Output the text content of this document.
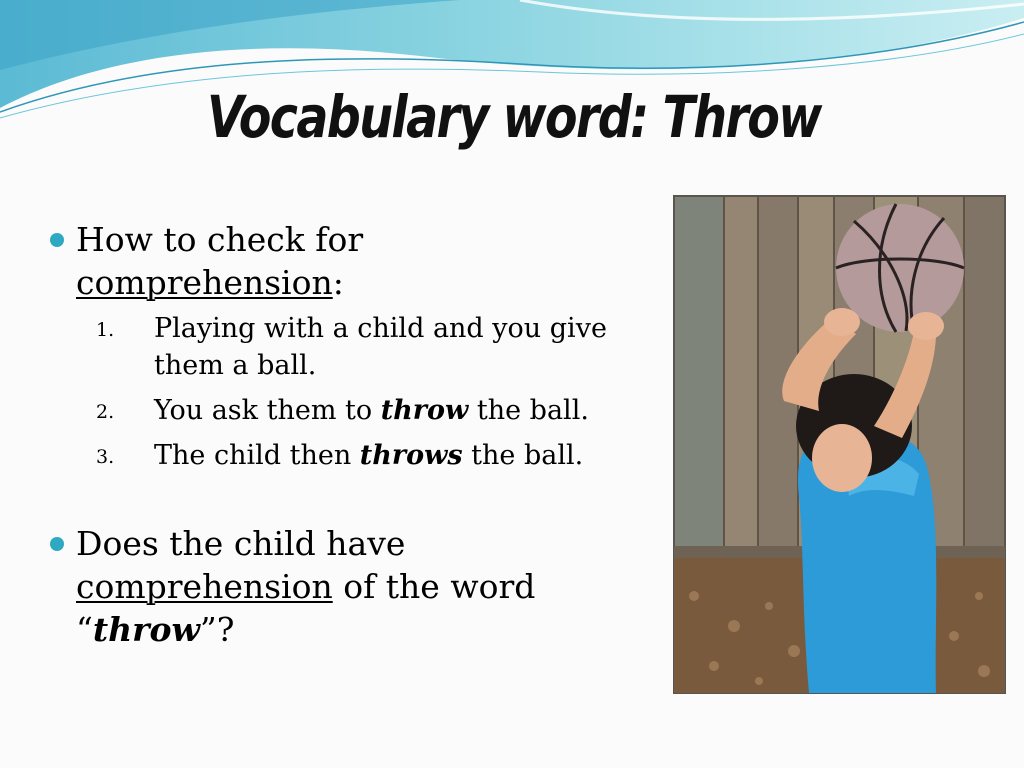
Vocabulary word: Throw
How to check for
comprehension:
1. Playing with a child and you give them a ball.
2. You ask them to throw the ball.
3. The child then throws the ball.
Does the child have
comprehension of the word
“throw”?
